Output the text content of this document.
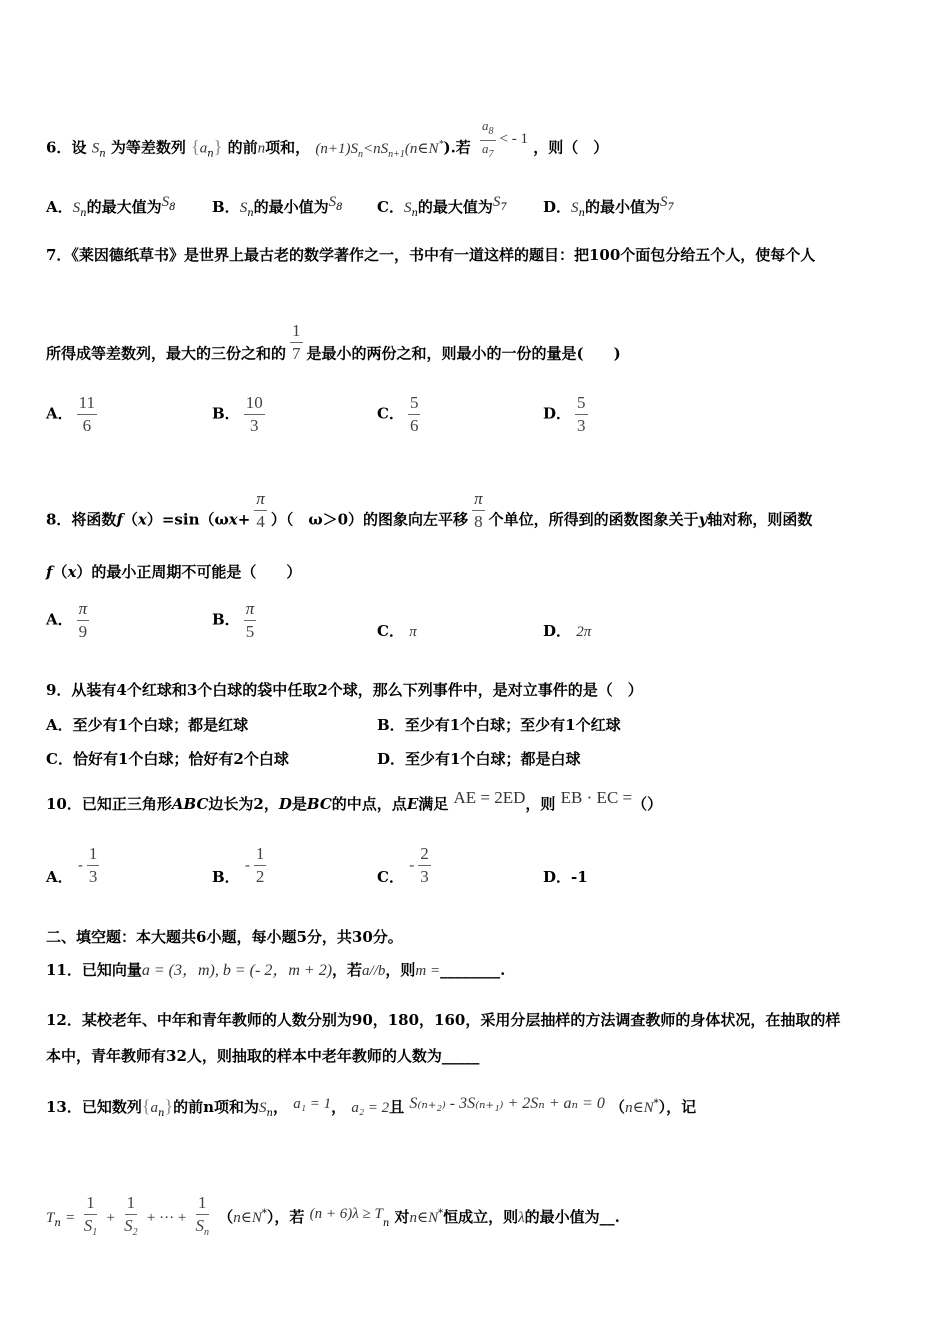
6．设 $S_n$ 为等差数列 $\{a_n\}$ 的前n项和， $(n+1)S_n<nS_{n+1}(n\in N^*)$.若 $\frac{a_8}{a_7}$ < - 1 ，则（　）
A．$S_n$的最大值为$S_8$ B．$S_n$的最小值为$S_8$ C．$S_n$的最大值为$S_7$ D．$S_n$的最小值为$S_7$
7．《莱因德纸草书》是世界上最古老的数学著作之一，书中有一道这样的题目：把100个面包分给五个人，使每个人
所得成等差数列，最大的三份之和的 $\frac{1}{7}$ 是最小的两份之和，则最小的一份的量是(　　)
A． $\frac{11}{6}$	B． $\frac{10}{3}$	C． $\frac{5}{6}$	D． $\frac{5}{3}$
8．将函数$f(x)=\sin(\omega x+ \frac{\pi}{4}$ ）（　ω＞0）的图象向左平移 $\frac{\pi}{8}$ 个单位，所得到的函数图象关于y轴对称，则函数
f（x）的最小正周期不可能是（　　）
A． $\frac{\pi}{9}$	B． $\frac{\pi}{5}$	C． π	D． 2π
9．从装有4个红球和3个白球的袋中任取2个球，那么下列事件中，是对立事件的是（　）
A．至少有1个白球；都是红球	B．至少有1个白球；至少有1个红球
C．恰好有1个白球；恰好有2个白球	D．至少有1个白球；都是白球
10．已知正三角形ABC边长为2，D是BC的中点，点E满足 AE = 2ED，则 EB · EC =（）
A． - $\frac{1}{3}$	B． - $\frac{1}{2}$	C． - $\frac{2}{3}$	D．-1
二、填空题：本大题共6小题，每小题5分，共30分。
11．已知向量a = (3，m), b = (- 2，m + 2)，若a//b，则m =________.
12．某校老年、中年和青年教师的人数分别为90，180，160，采用分层抽样的方法调查教师的身体状况，在抽取的样
本中，青年教师有32人，则抽取的样本中老年教师的人数为_____
13．已知数列$\{a_n\}$的前n项和为$S_n$， a₁ = 1， a₂ = 2且 S₍ₙ₊₂₎ - 3S₍ₙ₊₁₎ + 2Sₙ + aₙ = 0 （n∈N*），记
$T_n = \frac{1}{S_1} + \frac{1}{S_2}$ + ··· + $\frac{1}{S_n}$ （n∈N*），若 $(n + 6)\lambda \ge T_n$ 对n∈N*恒成立，则λ的最小值为__.
